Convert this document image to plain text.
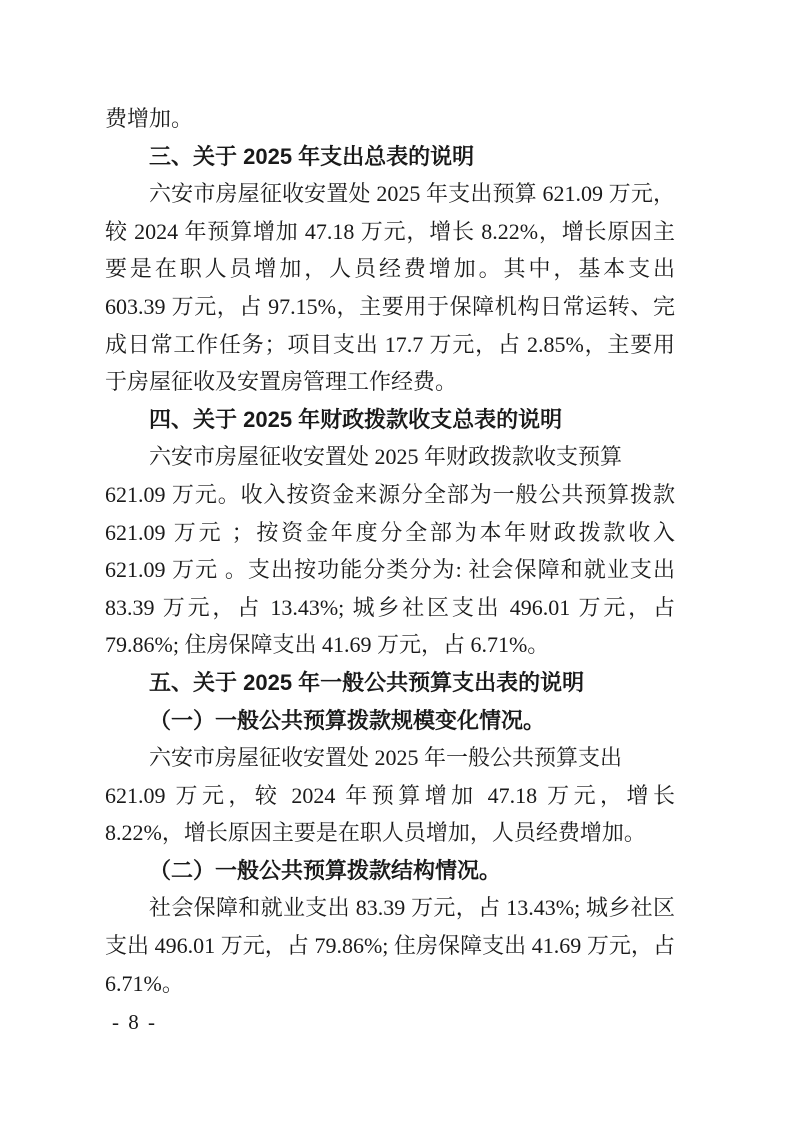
费增加。

三、关于 2025 年支出总表的说明

六安市房屋征收安置处 2025 年支出预算 621.09 万元，较 2024 年预算增加 47.18 万元，增长 8.22%，增长原因主要是在职人员增加，人员经费增加。其中，基本支出 603.39 万元，占 97.15%，主要用于保障机构日常运转、完成日常工作任务；项目支出 17.7 万元，占 2.85%，主要用于房屋征收及安置房管理工作经费。

四、关于 2025 年财政拨款收支总表的说明

六安市房屋征收安置处 2025 年财政拨款收支预算

621.09 万元。收入按资金来源分全部为一般公共预算拨款 621.09 万元 ；按资金年度分全部为本年财政拨款收入 621.09 万元 。支出按功能分类分为: 社会保障和就业支出 83.39 万元，占 13.43%; 城乡社区支出 496.01 万元，占 79.86%; 住房保障支出 41.69 万元，占 6.71%。

五、关于 2025 年一般公共预算支出表的说明
（一）一般公共预算拨款规模变化情况。

六安市房屋征收安置处 2025 年一般公共预算支出

621.09 万元，较 2024 年预算增加 47.18 万元，增长 8.22%，增长原因主要是在职人员增加，人员经费增加。

（二）一般公共预算拨款结构情况。

社会保障和就业支出 83.39 万元，占 13.43%; 城乡社区支出 496.01 万元，占 79.86%; 住房保障支出 41.69 万元，占 6.71%。

- 8 -
